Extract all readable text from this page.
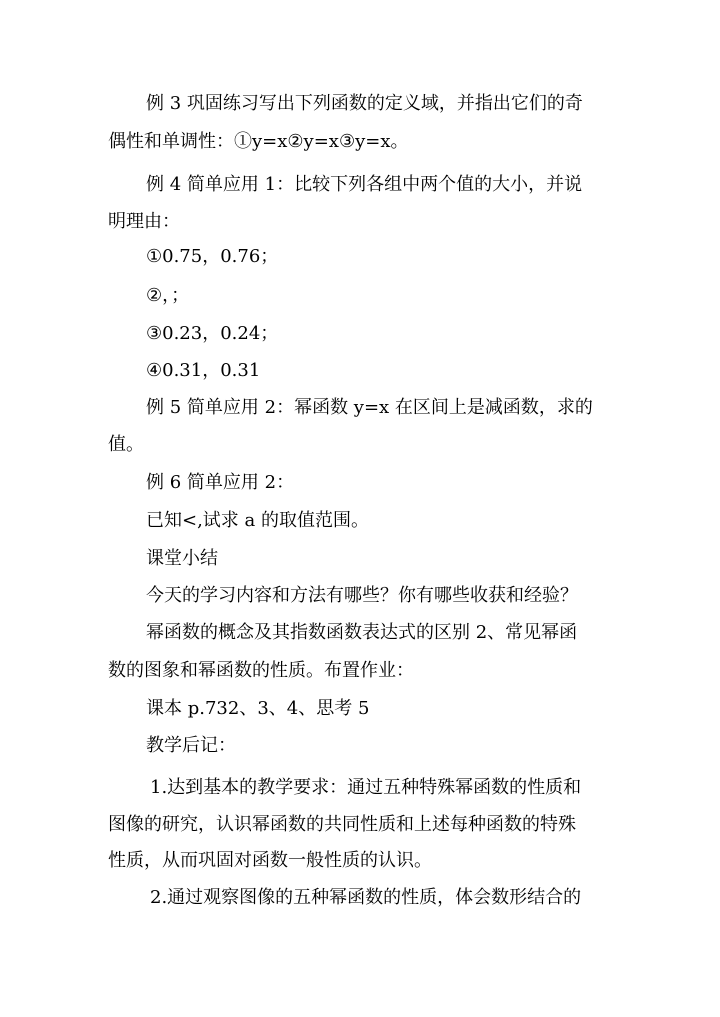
例 3 巩固练习写出下列函数的定义域，并指出它们的奇
偶性和单调性：①y=x②y=x③y=x。
例 4 简单应用 1：比较下列各组中两个值的大小，并说
明理由：
①0.75，0.76；
②，；
③0.23，0.24；
④0.31，0.31
例 5 简单应用 2：幂函数 y=x 在区间上是减函数，求的
值。
例 6 简单应用 2：
已知<,试求 a 的取值范围。
课堂小结
今天的学习内容和方法有哪些？你有哪些收获和经验？
幂函数的概念及其指数函数表达式的区别 2、常见幂函
数的图象和幂函数的性质。布置作业：
课本 p.732、3、4、思考 5
教学后记：
1.达到基本的教学要求：通过五种特殊幂函数的性质和
图像的研究，认识幂函数的共同性质和上述每种函数的特殊
性质，从而巩固对函数一般性质的认识。
2.通过观察图像的五种幂函数的性质，体会数形结合的
